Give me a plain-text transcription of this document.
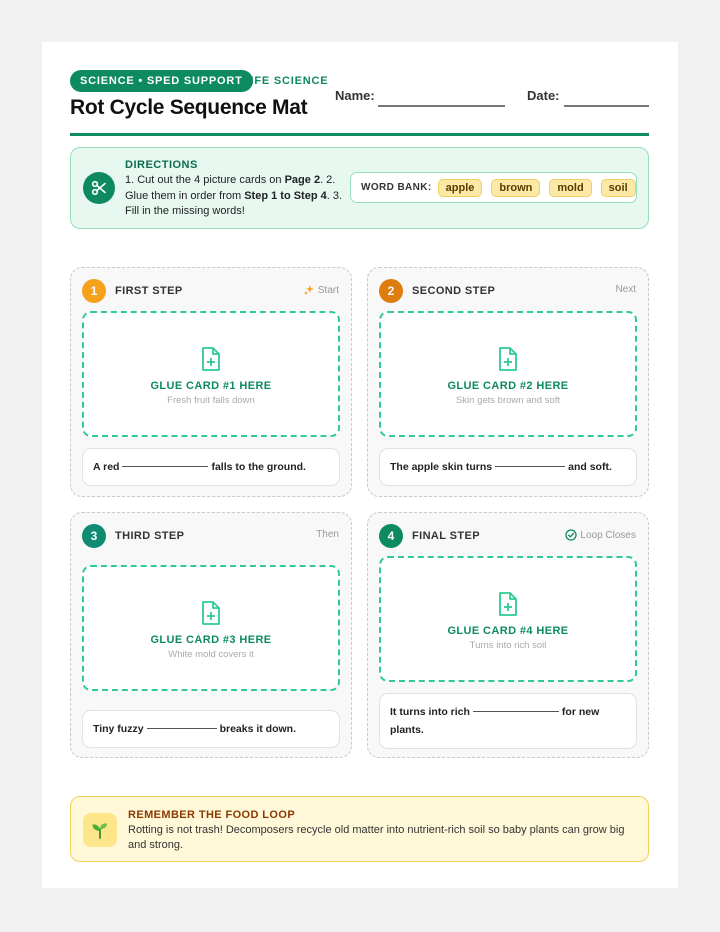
SCIENCE • SPED SUPPORT LIFE SCIENCE
Rot Cycle Sequence Mat
Name:	Date:
DIRECTIONS
1. Cut out the 4 picture cards on Page 2. 2. Glue them in order from Step 1 to Step 4. 3. Fill in the missing words!
WORD BANK:	apple	brown	mold	soil
1	FIRST STEP	Start
GLUE CARD #1 HERE
Fresh fruit falls down
A red	falls to the ground.
2	SECOND STEP	Next
GLUE CARD #2 HERE
Skin gets brown and soft
The apple skin turns	and soft.
3	THIRD STEP	Then
GLUE CARD #3 HERE
White mold covers it
Tiny fuzzy	breaks it down.
4	FINAL STEP	Loop Closes
GLUE CARD #4 HERE
Turns into rich soil
It turns into rich	for new plants.
REMEMBER THE FOOD LOOP
Rotting is not trash! Decomposers recycle old matter into nutrient-rich soil so baby plants can grow big and strong.
